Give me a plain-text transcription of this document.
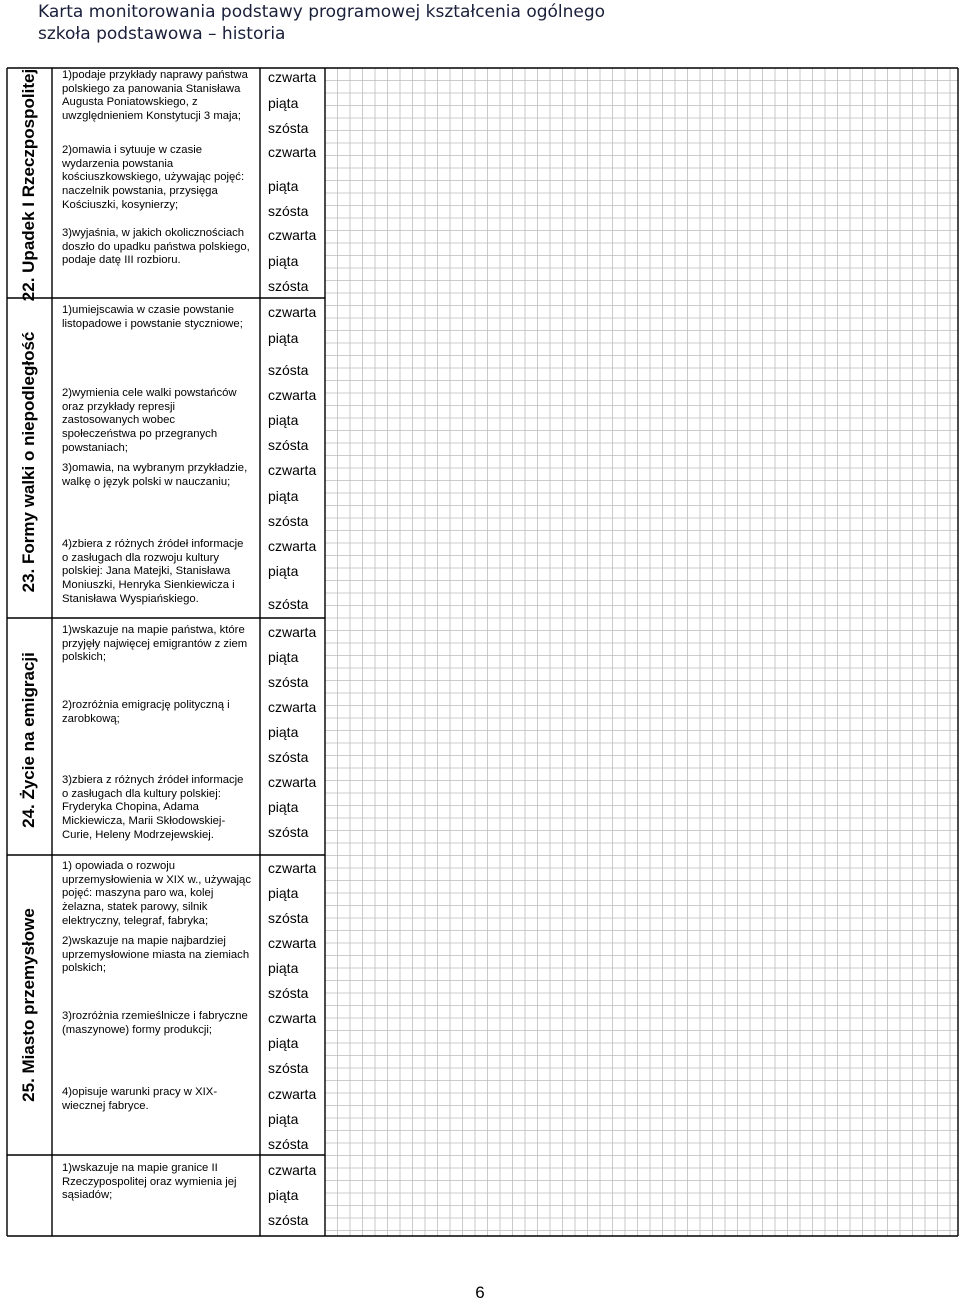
Karta monitorowania podstawy programowej kształcenia ogólnego
szkoła podstawowa – historia
22. Upadek I Rzeczpospolitej 1)podaje przykłady naprawy państwa polskiego za panowania Stanisława Augusta Poniatowskiego, z uwzględnieniem Konstytucji 3 maja;
czwarta
piąta
szósta
2)omawia i sytuuje w czasie wydarzenia powstania kościuszkowskiego, używając pojęć: naczelnik powstania, przysięga Kościuszki, kosynierzy;
czwarta
piąta
szósta
3)wyjaśnia, w jakich okolicznościach doszło do upadku państwa polskiego, podaje datę III rozbioru.
czwarta
piąta
szósta
23. Formy walki o niepodległość
1)umiejscawia w czasie powstanie listopadowe i powstanie styczniowe;
czwarta
piąta
szósta
2)wymienia cele walki powstańców oraz przykłady represji zastosowanych wobec społeczeństwa po przegranych powstaniach;
czwarta
piąta
szósta
3)omawia, na wybranym przykładzie, walkę o język polski w nauczaniu;
czwarta
piąta
szósta
4)zbiera z różnych źródeł informacje o zasługach dla rozwoju kultury polskiej: Jana Matejki, Stanisława Moniuszki, Henryka Sienkiewicza i Stanisława Wyspiańskiego.
czwarta
piąta
szósta
24. Życie na emigracji
1)wskazuje na mapie państwa, które przyjęły najwięcej emigrantów z ziem polskich;
czwarta
piąta
szósta
2)rozróżnia emigrację polityczną i zarobkową;
czwarta
piąta
szósta
3)zbiera z różnych źródeł informacje o zasługach dla kultury polskiej: Fryderyka Chopina, Adama Mickiewicza, Marii Skłodowskiej-Curie, Heleny Modrzejewskiej.
czwarta
piąta
szósta
25. Miasto przemysłowe
1) opowiada o rozwoju uprzemysłowienia w XIX w., używając pojęć: maszyna paro wa, kolej żelazna, statek parowy, silnik elektryczny, telegraf, fabryka;
czwarta
piąta
szósta
2)wskazuje na mapie najbardziej uprzemysłowione miasta na ziemiach polskich;
czwarta
piąta
szósta
3)rozróżnia rzemieślnicze i fabryczne (maszynowe) formy produkcji;
czwarta
piąta
szósta
4)opisuje warunki pracy w XIX-wiecznej fabryce.
czwarta
piąta
szósta
1)wskazuje na mapie granice II Rzeczypospolitej oraz wymienia jej sąsiadów;
czwarta
piąta
szósta
6
